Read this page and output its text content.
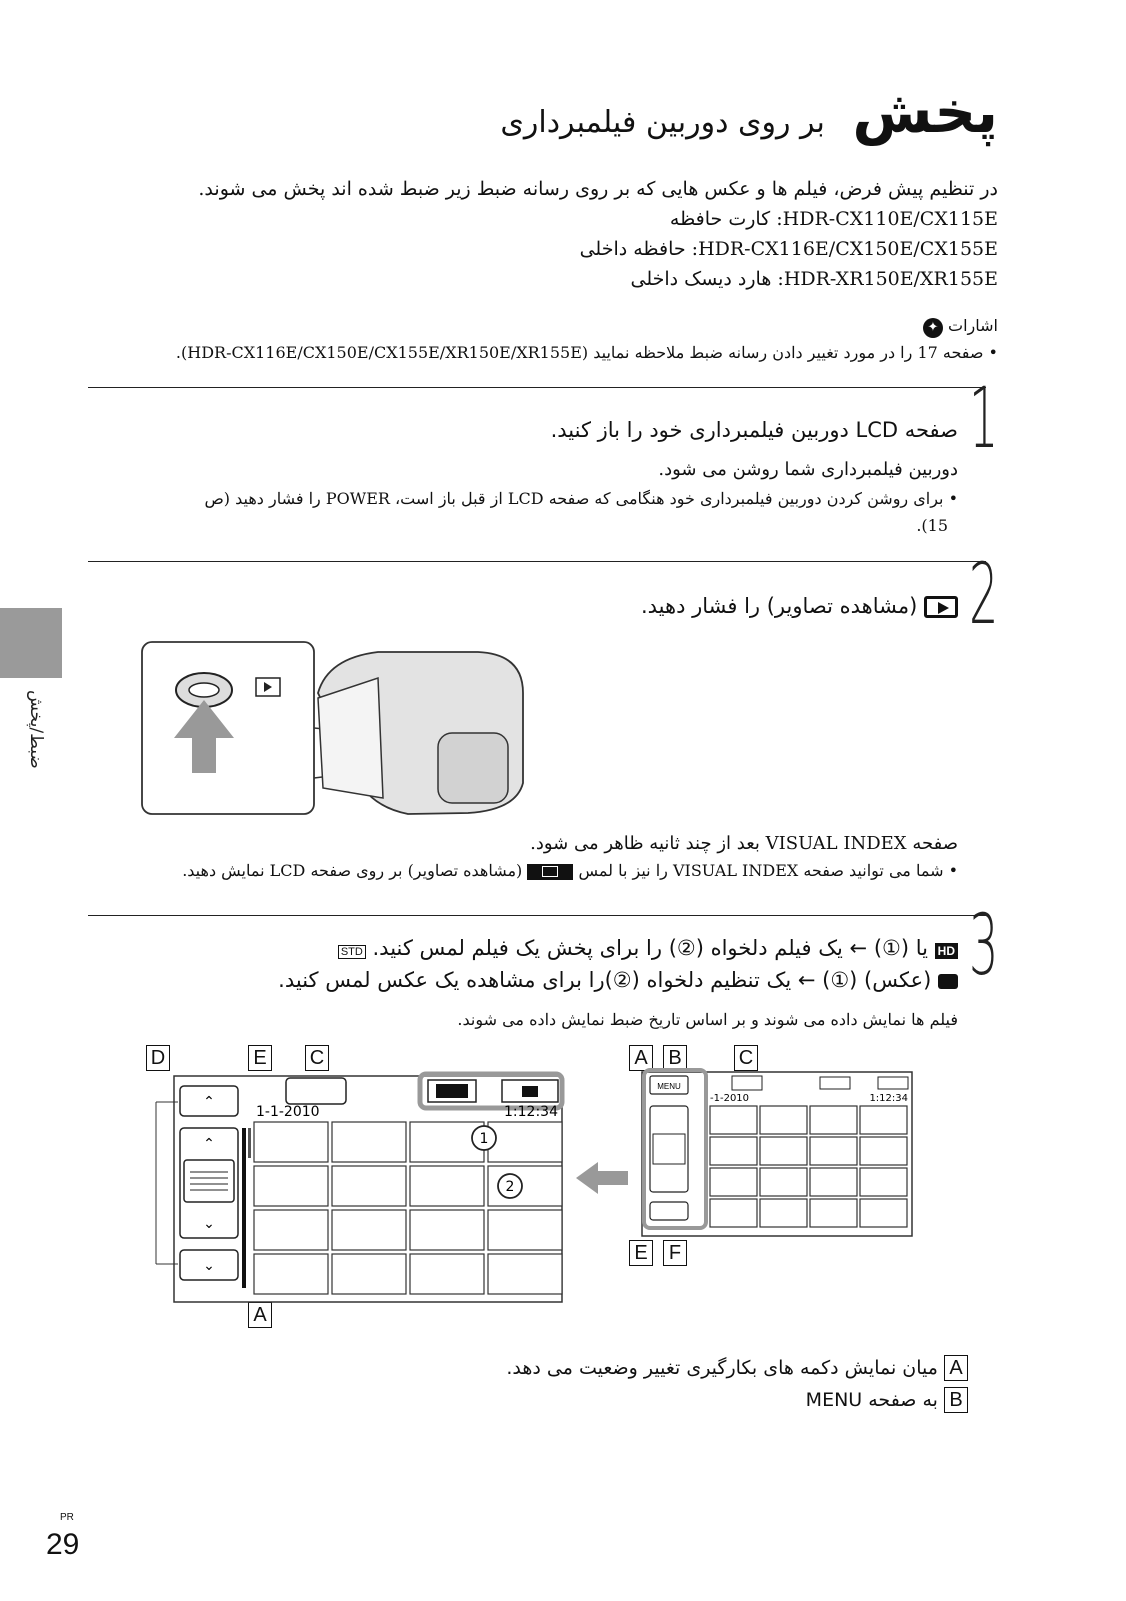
پخش بر روی دوربین فیلمبرداری
در تنظیم پیش فرض، فیلم ها و عکس هایی که بر روی رسانه ضبط زیر ضبط شده اند پخش می شوند.
HDR-CX110E/CX115E: کارت حافظه
HDR-CX116E/CX150E/CX155E: حافظه داخلی
HDR-XR150E/XR155E: هارد دیسک داخلی
اشارات ✦
• صفحه 17 را در مورد تغییر دادن رسانه ضبط ملاحظه نمایید (HDR-CX116E/CX150E/CX155E/XR150E/XR155E).
1
صفحه LCD دوربین فیلمبرداری خود را باز کنید.
دوربین فیلمبرداری شما روشن می شود.
• برای روشن کردن دوربین فیلمبرداری خود هنگامی که صفحه LCD از قبل باز است، POWER را فشار دهید (ص
15).
2
(مشاهده تصاویر) را فشار دهید.
صفحه VISUAL INDEX بعد از چند ثانیه ظاهر می شود.
• شما می توانید صفحه VISUAL INDEX را نیز با لمس
(مشاهده تصاویر) بر روی صفحه LCD نمایش دهید.
3
HD یا (①) ← یک فیلم دلخواه (②) را برای پخش یک فیلم لمس کنید. STD
(عکس) (①) ← یک تنظیم دلخواه (②)را برای مشاهده یک عکس لمس کنید.
فیلم ها نمایش داده می شوند و بر اساس تاریخ ضبط نمایش داده می شوند.
D	E C
A
⌃
⌃
⌄
⌄
1-1-2010	1:12:34
1
2
A B	C
E F
MENU
-1-2010	1:12:34
A میان نمایش دکمه های بکارگیری تغییر وضعیت می دهد.
B به صفحه MENU
ضبط/پخش
PR
29
